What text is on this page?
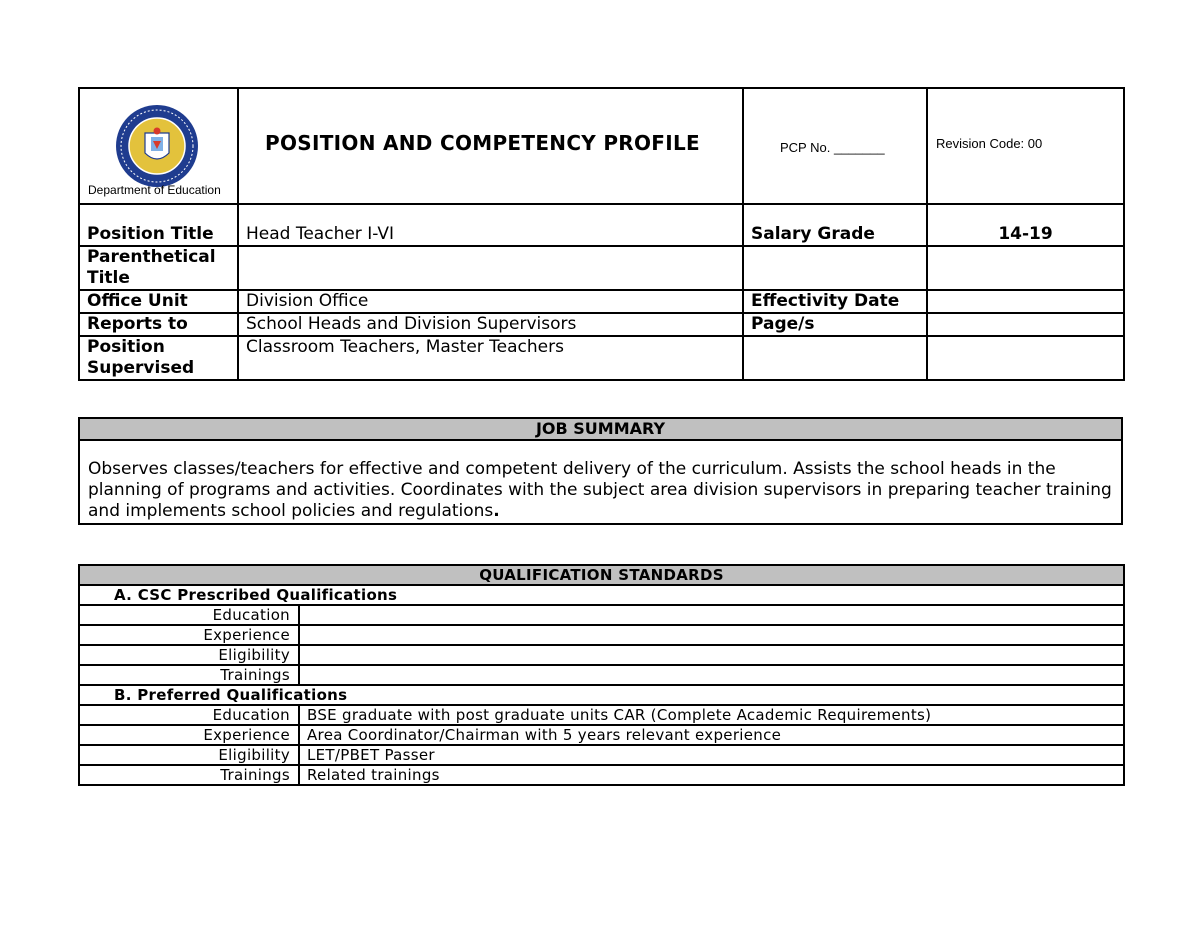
Department of Education	POSITION AND COMPETENCY PROFILE	PCP No. _______	Revision Code: 00
Position Title	Head Teacher I-VI	Salary Grade	14-19
Parenthetical Title			
Office Unit	Division Office	Effectivity Date	
Reports to	School Heads and Division Supervisors	Page/s	
Position Supervised	Classroom Teachers, Master Teachers		
JOB SUMMARY
Observes classes/teachers for effective and competent delivery of the curriculum. Assists the school heads in the planning of programs and activities. Coordinates with the subject area division supervisors in preparing teacher training and implements school policies and regulations.
QUALIFICATION STANDARDS	
A. CSC Prescribed Qualifications	
Education	
Experience	
Eligibility	
Trainings	
B. Preferred Qualifications	
Education	BSE graduate with post graduate units CAR (Complete Academic Requirements)
Experience	Area Coordinator/Chairman with 5 years relevant experience
Eligibility	LET/PBET Passer
Trainings	Related trainings
